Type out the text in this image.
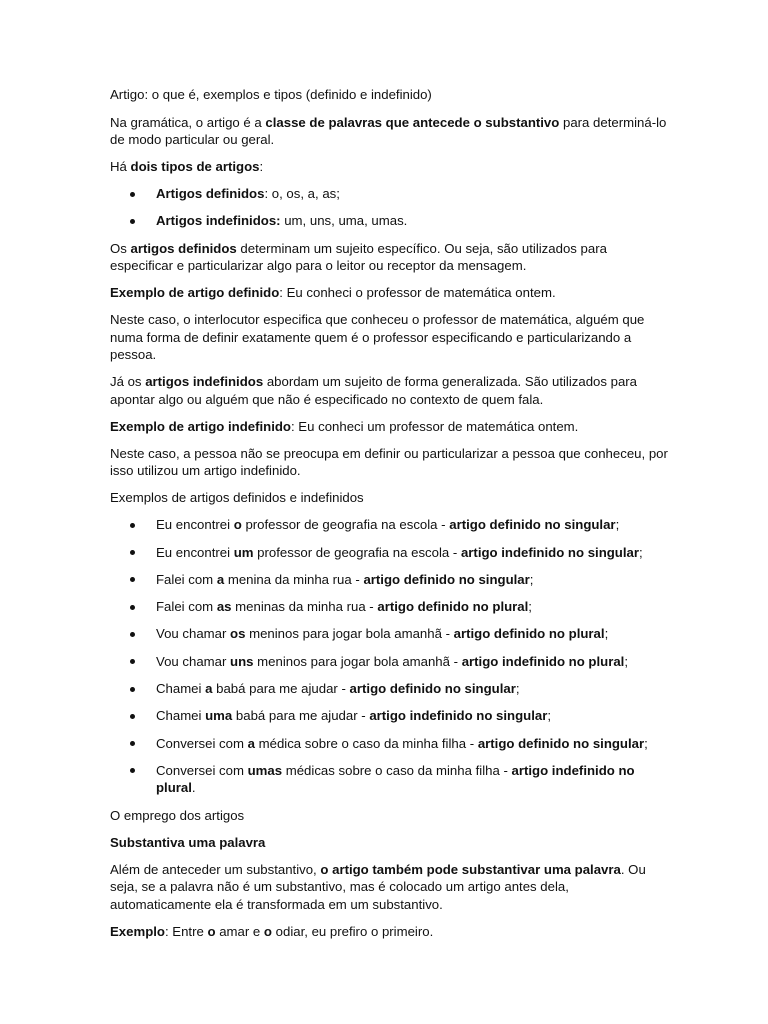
Artigo: o que é, exemplos e tipos (definido e indefinido)
Na gramática, o artigo é a classe de palavras que antecede o substantivo para determiná-lo de modo particular ou geral.
Há dois tipos de artigos:
Artigos definidos: o, os, a, as;
Artigos indefinidos: um, uns, uma, umas.
Os artigos definidos determinam um sujeito específico. Ou seja, são utilizados para especificar e particularizar algo para o leitor ou receptor da mensagem.
Exemplo de artigo definido: Eu conheci o professor de matemática ontem.
Neste caso, o interlocutor especifica que conheceu o professor de matemática, alguém que numa forma de definir exatamente quem é o professor especificando e particularizando a pessoa.
Já os artigos indefinidos abordam um sujeito de forma generalizada. São utilizados para apontar algo ou alguém que não é especificado no contexto de quem fala.
Exemplo de artigo indefinido: Eu conheci um professor de matemática ontem.
Neste caso, a pessoa não se preocupa em definir ou particularizar a pessoa que conheceu, por isso utilizou um artigo indefinido.
Exemplos de artigos definidos e indefinidos
Eu encontrei o professor de geografia na escola - artigo definido no singular;
Eu encontrei um professor de geografia na escola - artigo indefinido no singular;
Falei com a menina da minha rua - artigo definido no singular;
Falei com as meninas da minha rua - artigo definido no plural;
Vou chamar os meninos para jogar bola amanhã - artigo definido no plural;
Vou chamar uns meninos para jogar bola amanhã - artigo indefinido no plural;
Chamei a babá para me ajudar - artigo definido no singular;
Chamei uma babá para me ajudar - artigo indefinido no singular;
Conversei com a médica sobre o caso da minha filha - artigo definido no singular;
Conversei com umas médicas sobre o caso da minha filha - artigo indefinido no plural.
O emprego dos artigos
Substantiva uma palavra
Além de anteceder um substantivo, o artigo também pode substantivar uma palavra. Ou seja, se a palavra não é um substantivo, mas é colocado um artigo antes dela, automaticamente ela é transformada em um substantivo.
Exemplo: Entre o amar e o odiar, eu prefiro o primeiro.
